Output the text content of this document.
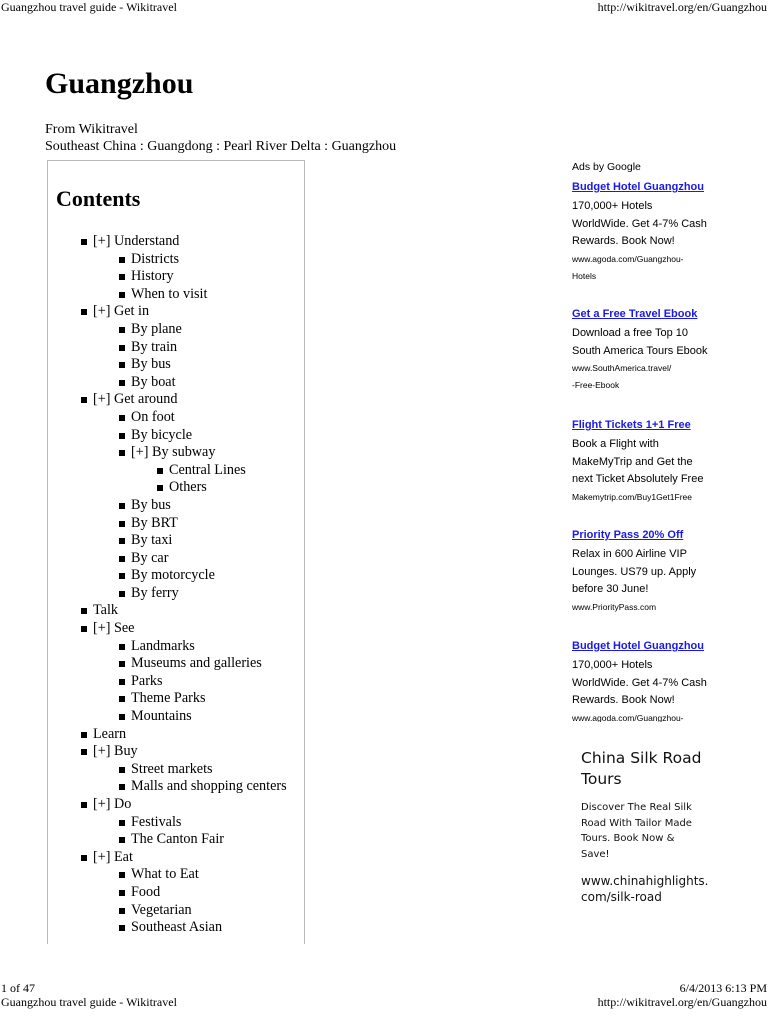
Guangzhou travel guide - Wikitravel	http://wikitravel.org/en/Guangzhou
Guangzhou
From Wikitravel
Southeast China : Guangdong : Pearl River Delta : Guangzhou
Contents
[+] Understand
Districts
History
When to visit
[+] Get in
By plane
By train
By bus
By boat
[+] Get around
On foot
By bicycle
[+] By subway
Central Lines
Others
By bus
By BRT
By taxi
By car
By motorcycle
By ferry
Talk
[+] See
Landmarks
Museums and galleries
Parks
Theme Parks
Mountains
Learn
[+] Buy
Street markets
Malls and shopping centers
[+] Do
Festivals
The Canton Fair
[+] Eat
What to Eat
Food
Vegetarian
Southeast Asian
Ads by Google
Budget Hotel Guangzhou
170,000+ Hotels
WorldWide. Get 4-7% Cash
Rewards. Book Now!
www.agoda.com/Guangzhou-
Hotels
Get a Free Travel Ebook
Download a free Top 10
South America Tours Ebook
www.SouthAmerica.travel/
-Free-Ebook
Flight Tickets 1+1 Free
Book a Flight with
MakeMyTrip and Get the
next Ticket Absolutely Free
Makemytrip.com/Buy1Get1Free
Priority Pass 20% Off
Relax in 600 Airline VIP
Lounges. US79 up. Apply
before 30 June!
www.PriorityPass.com
Budget Hotel Guangzhou
170,000+ Hotels
WorldWide. Get 4-7% Cash
Rewards. Book Now!
www.agoda.com/Guangzhou-
China Silk Road
Tours
Discover The Real Silk
Road With Tailor Made
Tours. Book Now &
Save!
www.chinahighlights.
com/silk-road
1 of 47	6/4/2013 6:13 PM
Guangzhou travel guide - Wikitravel	http://wikitravel.org/en/Guangzhou
